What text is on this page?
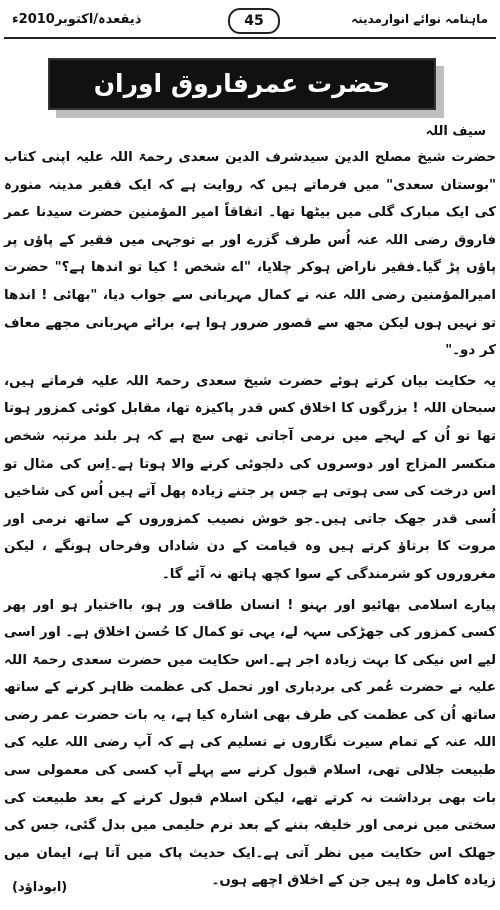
ذیقعدہ/اکتوبر2010ء	45	ماہنامہ نوائے انوارمدینہ
حضرت عمرفاروق اوران کاحسن اخلاق	سیف اللہ

حضرت شیخ مصلح الدین سیدشرف الدین سعدی رحمۃ اللہ علیہ اپنی کتاب "بوستان سعدی" میں فرماتے ہیں کہ روایت ہے کہ ایک فقیر مدینہ منورہ کی ایک مبارک گلی میں بیٹھا تھا۔ اتفاقاً امیر المؤمنین حضرت سیدنا عمر فاروق رضی اللہ عنہ اُس طرف گزرے اور بے توجہی میں فقیر کے پاؤں پر پاؤں پڑ گیا۔فقیر ناراض ہوکر چلایا، "اے شخص ! کیا تو اندھا ہے؟" حضرت امیرالمؤمنین رضی اللہ عنہ نے کمال مہربانی سے جواب دیا، "بھائی ! اندھا تو نہیں ہوں لیکن مجھ سے قصور ضرور ہوا ہے، برائے مہربانی مجھے معاف کر دو۔"

یہ حکایت بیان کرتے ہوئے حضرت شیخ سعدی رحمۃ اللہ علیہ فرماتے ہیں، سبحان اللہ ! بزرگوں کا اخلاق کس قدر پاکیزہ تھا، مقابل کوئی کمزور ہوتا تھا تو اُن کے لہجے میں نرمی آجاتی تھی سچ ہے کہ ہر بلند مرتبہ شخص منکسر المزاج اور دوسروں کی دلجوئی کرنے والا ہوتا ہے۔اِس کی مثال تو اس درخت کی سی ہوتی ہے جس پر جتنے زیادہ پھل آتے ہیں اُس کی شاخیں اُسی قدر جھک جاتی ہیں۔جو خوش نصیب کمزوروں کے ساتھ نرمی اور مروت کا برتاؤ کرتے ہیں وہ قیامت کے دن شاداں وفرحاں ہونگے ، لیکن مغروروں کو شرمندگی کے سوا کچھ ہاتھ نہ آئے گا۔

پیارے اسلامی بھائیو اور بہنو ! انسان طاقت ور ہو، بااختیار ہو اور پھر کسی کمزور کی جھڑکی سہہ لے، یہی تو کمال کا حُسن اخلاق ہے۔ اور اسی لیے اس نیکی کا بہت زیادہ اجر ہے۔اس حکایت میں حضرت سعدی رحمۃ اللہ علیہ نے حضرت عُمر کی بردباری اور تحمل کی عظمت ظاہر کرنے کے ساتھ ساتھ اُن کی عظمت کی طرف بھی اشارہ کیا ہے، یہ بات حضرت عمر رضی اللہ عنہ کے تمام سیرت نگاروں نے تسلیم کی ہے کہ آپ رضی اللہ علیہ کی طبیعت جلالی تھی، اسلام قبول کرنے سے پہلے آپ کسی کی معمولی سی بات بھی برداشت نہ کرتے تھے، لیکن اسلام قبول کرنے کے بعد طبیعت کی سختی میں نرمی اور خلیفہ بننے کے بعد نرم حلیمی میں بدل گئی، جس کی جھلک اس حکایت میں نظر آتی ہے۔ایک حدیث پاک میں آتا ہے، ایمان میں زیادہ کامل وہ ہیں جن کے اخلاق اچھے ہوں۔

(ابوداؤد)
